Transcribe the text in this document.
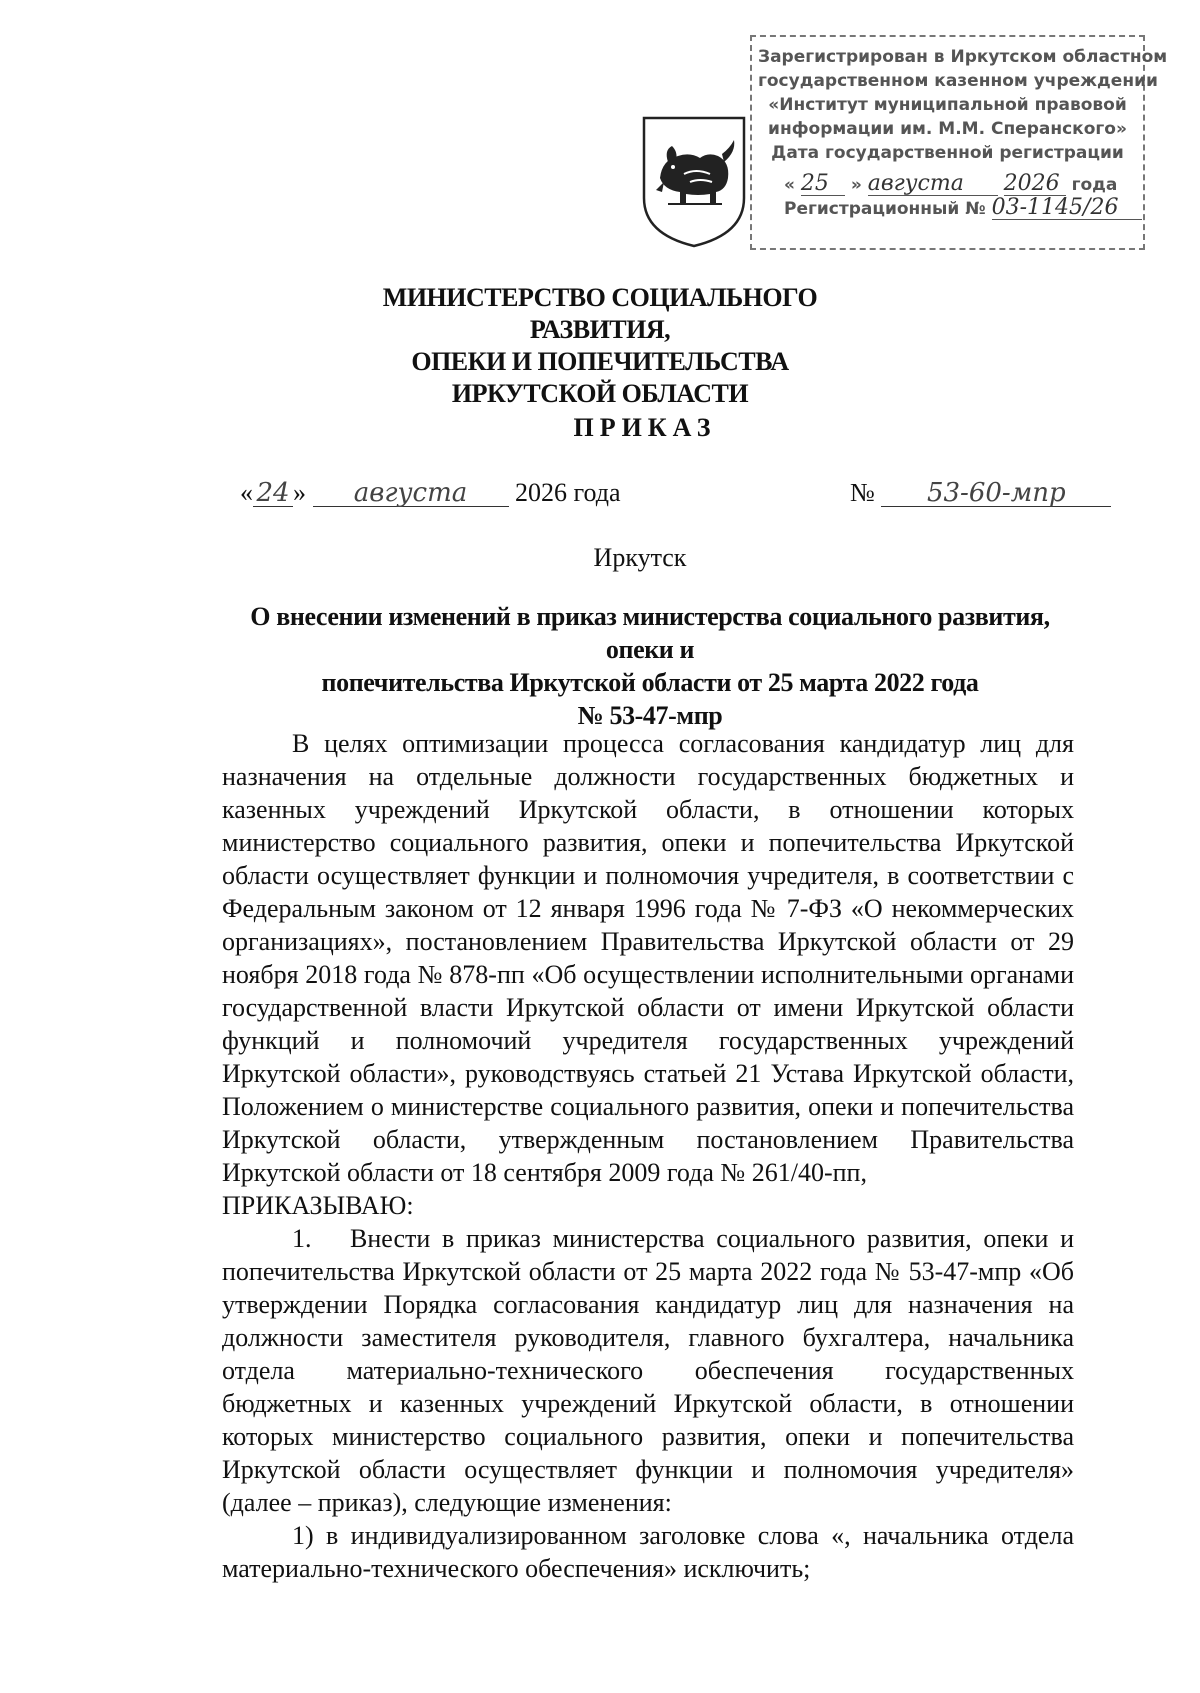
Зарегистрирован в Иркутском областном
государственном казенном учреждении
«Институт муниципальной правовой
информации им. М.М. Сперанского»
Дата государственной регистрации
« 25 » августа 2026 года
Регистрационный № 03-1145/26
МИНИСТЕРСТВО СОЦИАЛЬНОГО РАЗВИТИЯ,
ОПЕКИ И ПОПЕЧИТЕЛЬСТВА
ИРКУТСКОЙ ОБЛАСТИ
ПРИКАЗ
« 24 » августа 2026 года	№ 53-60-мпр
Иркутск
О внесении изменений в приказ министерства социального развития, опеки и
попечительства Иркутской области от 25 марта 2022 года
№ 53-47-мпр

В целях оптимизации процесса согласования кандидатур лиц для назначения на отдельные должности государственных бюджетных и казенных учреждений Иркутской области, в отношении которых министерство социального развития, опеки и попечительства Иркутской области осуществляет функции и полномочия учредителя, в соответствии с Федеральным законом от 12 января 1996 года № 7-ФЗ «О некоммерческих организациях», постановлением Правительства Иркутской области от 29 ноября 2018 года № 878-пп «Об осуществлении исполнительными органами государственной власти Иркутской области от имени Иркутской области функций и полномочий учредителя государственных учреждений Иркутской области», руководствуясь статьей 21 Устава Иркутской области, Положением о министерстве социального развития, опеки и попечительства Иркутской области, утвержденным постановлением Правительства Иркутской области от 18 сентября 2009 года № 261/40-пп,

ПРИКАЗЫВАЮ:

1. Внести в приказ министерства социального развития, опеки и попечительства Иркутской области от 25 марта 2022 года № 53-47-мпр «Об утверждении Порядка согласования кандидатур лиц для назначения на должности заместителя руководителя, главного бухгалтера, начальника отдела материально-технического обеспечения государственных бюджетных и казенных учреждений Иркутской области, в отношении которых министерство социального развития, опеки и попечительства Иркутской области осуществляет функции и полномочия учредителя» (далее – приказ), следующие изменения:

1) в индивидуализированном заголовке слова «, начальника отдела материально-технического обеспечения» исключить;
